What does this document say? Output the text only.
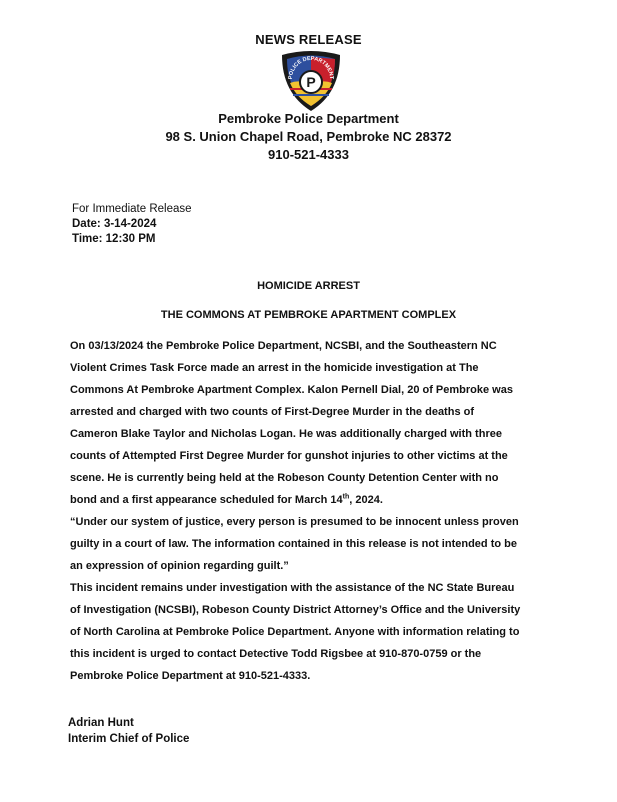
NEWS RELEASE
P
POLICE DEPARTMENT
Pembroke Police Department
98 S. Union Chapel Road, Pembroke NC 28372
910-521-4333
For Immediate Release
Date: 3-14-2024
Time: 12:30 PM
HOMICIDE ARREST
THE COMMONS AT PEMBROKE APARTMENT COMPLEX

On 03/13/2024 the Pembroke Police Department, NCSBI, and the Southeastern NC
Violent Crimes Task Force made an arrest in the homicide investigation at The
Commons At Pembroke Apartment Complex. Kalon Pernell Dial, 20 of Pembroke was
arrested and charged with two counts of First-Degree Murder in the deaths of
Cameron Blake Taylor and Nicholas Logan. He was additionally charged with three
counts of Attempted First Degree Murder for gunshot injuries to other victims at the
scene. He is currently being held at the Robeson County Detention Center with no
bond and a first appearance scheduled for March 14th, 2024.

“Under our system of justice, every person is presumed to be innocent unless proven
guilty in a court of law. The information contained in this release is not intended to be
an expression of opinion regarding guilt.”

This incident remains under investigation with the assistance of the NC State Bureau
of Investigation (NCSBI), Robeson County District Attorney’s Office and the University
of North Carolina at Pembroke Police Department. Anyone with information relating to
this incident is urged to contact Detective Todd Rigsbee at 910-870-0759 or the
Pembroke Police Department at 910-521-4333.

Adrian Hunt
Interim Chief of Police
